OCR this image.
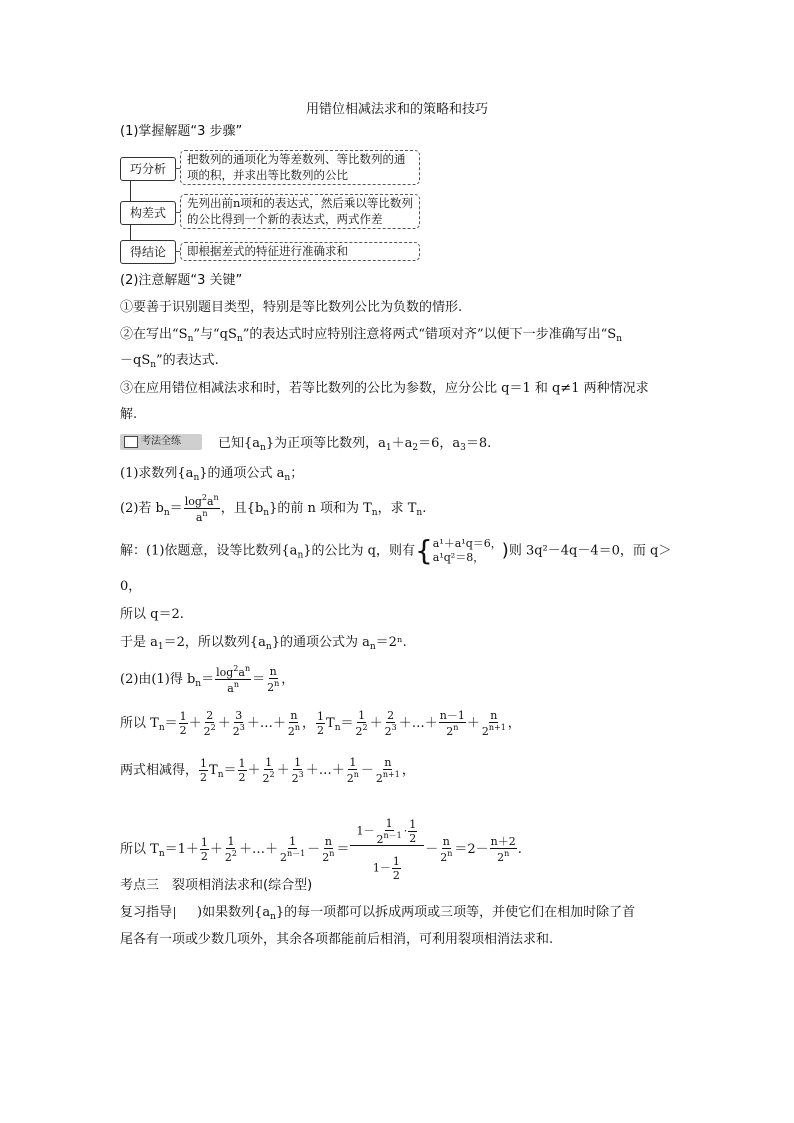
用错位相减法求和的策略和技巧
(1)掌握解题“3 步骤”
巧分析
把数列的通项化为等差数列、等比数列的通项的积，并求出等比数列的公比
构差式
先列出前n项和的表达式，然后乘以等比数列的公比得到一个新的表达式，两式作差
得结论	即根据差式的特征进行准确求和
(2)注意解题“3 关键”
①要善于识别题目类型，特别是等比数列公比为负数的情形.
②在写出“$S_n$”与“$qS_n$”的表达式时应特别注意将两式“错项对齐”以便下一步准确写出“$S_n$
$-qS_n$”的表达式.
③在应用错位相减法求和时，若等比数列的公比为参数，应分公比 q＝1 和 q≠1 两种情况求
解.
考法全练	已知$\{a_n\}$为正项等比数列，$a_1+a_2=6$，$a_3=8$.
(1)求数列$\{a_n\}$的通项公式 $a_n$；
(2)若 $b_n= \frac{\log^2a^n}{a^n}$ ，且$\{b_n\}$的前 n 项和为 $T_n$，求 $T_n$.
解：(1)依题意，设等比数列$\{a_n\}$的公比为 q，则有{a¹＋a¹q＝6，
a¹q²＝8， )则 3q²－4q－4＝0，而 q＞
0，
所以 q＝2.
于是 $a_1=2$，所以数列$\{a_n\}$的通项公式为 $a_n=2^n$.
(2)由(1)得 $b_n= \frac{\log^2a^n}{a^n} = \frac{n}{2^n}$ ，
所以 $T_n= \frac{1}{2} + \frac{2}{2^2} + \frac{3}{2^3}$ ＋…＋ $\frac{n}{2^n}$ ， $\frac{1}{2} T_n= \frac{1}{2^2} + \frac{2}{2^3}$ ＋…＋ $\frac{n-1}{2^n} + \frac{n}{2^{n+1}}$ ，
两式相减得， $\frac{1}{2} T_n= \frac{1}{2} + \frac{1}{2^2} + \frac{1}{2^3}$ ＋…＋ $\frac{1}{2^n} - \frac{n}{2^{n+1}}$ ，
所以 $T_n=1+ \frac{1}{2} + \frac{1}{2^2}$ ＋…＋ $\frac{1}{2^{n-1}} - \frac{n}{2^n} = \frac{1- \frac{1}{2^{n-1}} \cdot \frac{1}{2}}{1- \frac{1}{2}} - \frac{n}{2^n} =2- \frac{n+2}{2^n}$ .
考点三　裂项相消法求和(综合型)
复习指导 )如果数列$\{a_n\}$的每一项都可以拆成两项或三项等，并使它们在相加时除了首
尾各有一项或少数几项外，其余各项都能前后相消，可利用裂项相消法求和.
